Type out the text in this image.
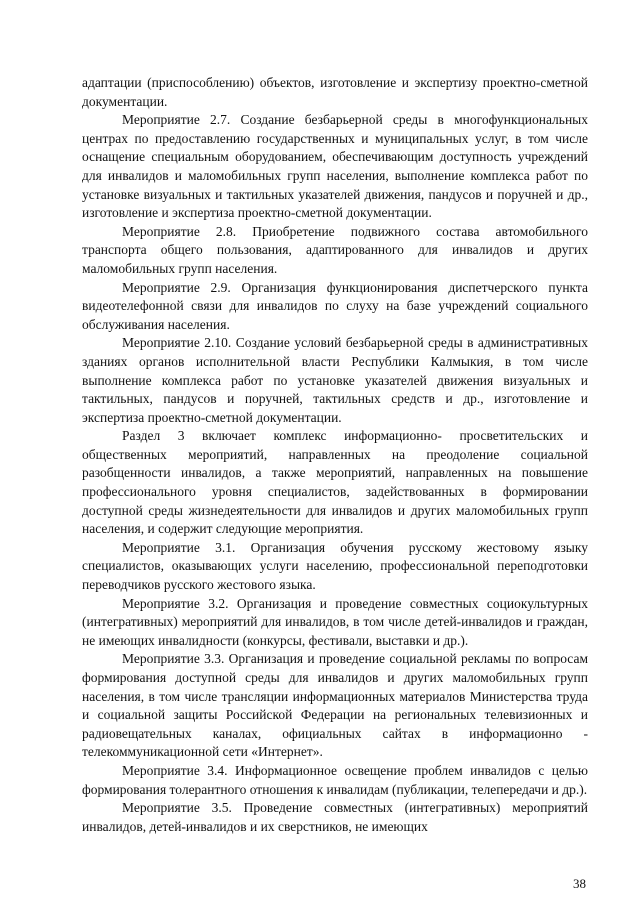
адаптации (приспособлению) объектов, изготовление и экспертизу проектно-сметной документации.

Мероприятие 2.7. Создание безбарьерной среды в многофункциональных центрах по предоставлению государственных и муниципальных услуг, в том числе оснащение специальным оборудованием, обеспечивающим доступность учреждений для инвалидов и маломобильных групп населения, выполнение комплекса работ по установке визуальных и тактильных указателей движения, пандусов и поручней и др., изготовление и экспертиза проектно-сметной документации.

Мероприятие 2.8. Приобретение подвижного состава автомобильного транспорта общего пользования, адаптированного для инвалидов и других маломобильных групп населения.

Мероприятие 2.9. Организация функционирования диспетчерского пункта видеотелефонной связи для инвалидов по слуху на базе учреждений социального обслуживания населения.

Мероприятие 2.10. Создание условий безбарьерной среды в административных зданиях органов исполнительной власти Республики Калмыкия, в том числе выполнение комплекса работ по установке указателей движения визуальных и тактильных, пандусов и поручней, тактильных средств и др., изготовление и экспертиза проектно-сметной документации.

Раздел 3 включает комплекс информационно- просветительских и общественных мероприятий, направленных на преодоление социальной разобщенности инвалидов, а также мероприятий, направленных на повышение профессионального уровня специалистов, задействованных в формировании доступной среды жизнедеятельности для инвалидов и других маломобильных групп населения, и содержит следующие мероприятия.

Мероприятие 3.1. Организация обучения русскому жестовому языку специалистов, оказывающих услуги населению, профессиональной переподготовки переводчиков русского жестового языка.

Мероприятие 3.2. Организация и проведение совместных социокультурных (интегративных) мероприятий для инвалидов, в том числе детей-инвалидов и граждан, не имеющих инвалидности (конкурсы, фестивали, выставки и др.).

Мероприятие 3.3. Организация и проведение социальной рекламы по вопросам формирования доступной среды для инвалидов и других маломобильных групп населения, в том числе трансляции информационных материалов Министерства труда и социальной защиты Российской Федерации на региональных телевизионных и радиовещательных каналах, официальных сайтах в информационно - телекоммуникационной сети «Интернет».

Мероприятие 3.4. Информационное освещение проблем инвалидов с целью формирования толерантного отношения к инвалидам (публикации, телепередачи и др.).

Мероприятие 3.5. Проведение совместных (интегративных) мероприятий инвалидов, детей-инвалидов и их сверстников, не имеющих

38
